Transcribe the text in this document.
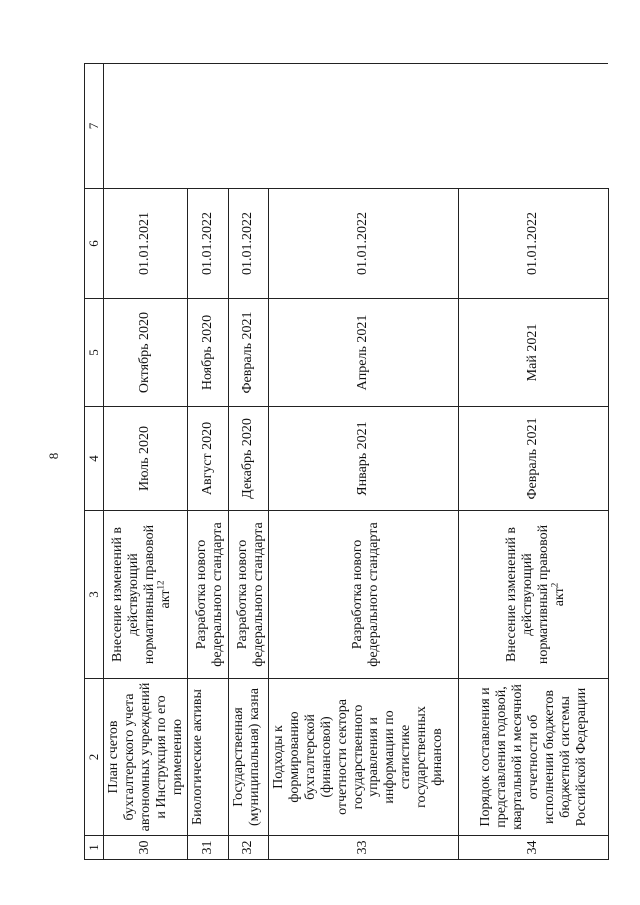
8
1	2	3	4	5	6	7
30	План счетов бухгалтерского учета автономных учреждений и Инструкция по его применению	Внесение изменений в действующий нормативный правовой акт$^{12}$	Июль 2020	Октябрь 2020	01.01.2021	
31	Биологические активы	Разработка нового федерального стандарта	Август 2020	Ноябрь 2020	01.01.2022	
32	Государственная (муниципальная) казна	Разработка нового федерального стандарта	Декабрь 2020	Февраль 2021	01.01.2022	
33	Подходы к формированию бухгалтерской (финансовой) отчетности сектора государственного управления и информации по статистике государственных финансов	Разработка нового федерального стандарта	Январь 2021	Апрель 2021	01.01.2022	
34	Порядок составления и представления годовой, квартальной и месячной отчетности об исполнении бюджетов бюджетной системы Российской Федерации	Внесение изменений в действующий нормативный правовой акт$^2$	Февраль 2021	Май 2021	01.01.2022	
